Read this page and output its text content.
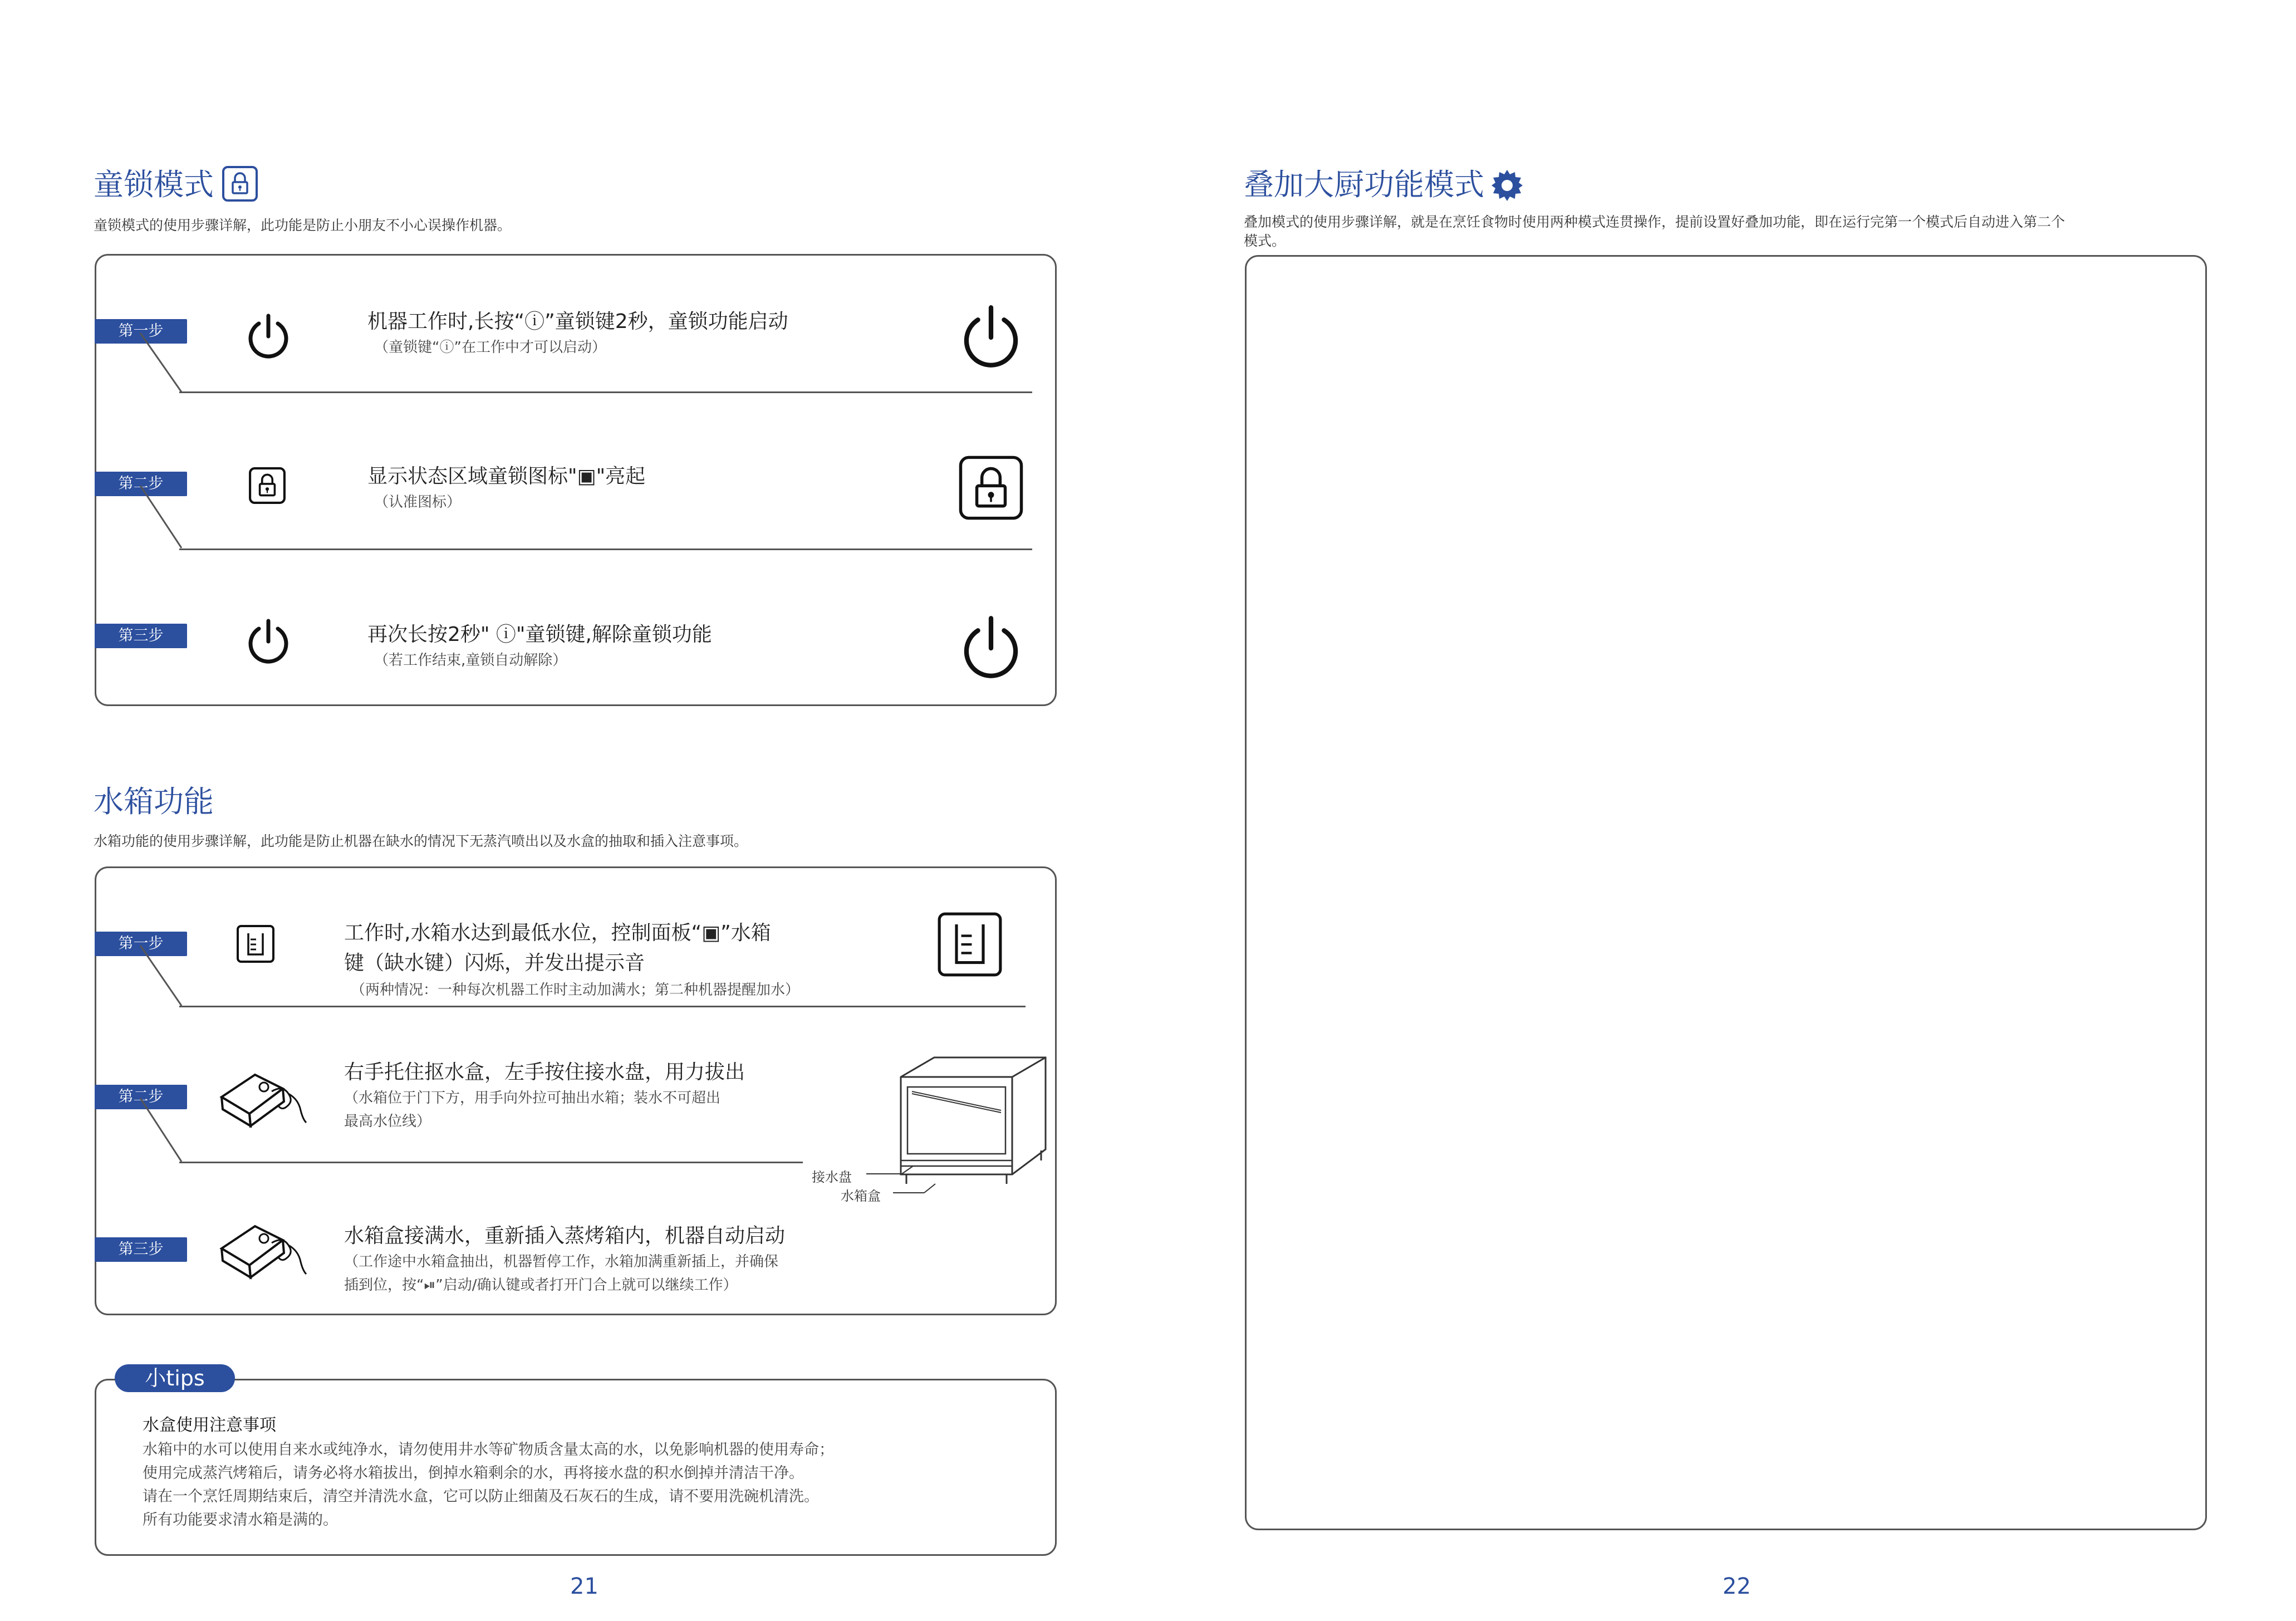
童锁模式
童锁模式的使用步骤详解，此功能是防止小朋友不小心误操作机器。
第一步	机器工作时,长按“ⓘ”童锁键2秒，童锁功能启动
（童锁键“ⓘ”在工作中才可以启动）
第二步	显示状态区域童锁图标"▣"亮起
（认准图标）
第三步	再次长按2秒" ⓘ"童锁键,解除童锁功能
（若工作结束,童锁自动解除）
水箱功能
水箱功能的使用步骤详解，此功能是防止机器在缺水的情况下无蒸汽喷出以及水盒的抽取和插入注意事项。
第一步	工作时,水箱水达到最低水位，控制面板“▣”水箱
键（缺水键）闪烁，并发出提示音
（两种情况：一种每次机器工作时主动加满水；第二种机器提醒加水）
第二步
右手托住抠水盒，左手按住接水盘，用力拔出
（水箱位于门下方，用手向外拉可抽出水箱；装水不可超出
最高水位线）
接水盘
水箱盒
第三步
水箱盒接满水，重新插入蒸烤箱内，机器自动启动
（工作途中水箱盒抽出，机器暂停工作，水箱加满重新插上，并确保
插到位，按“⏯”启动/确认键或者打开门合上就可以继续工作）
小tips
水盒使用注意事项
水箱中的水可以使用自来水或纯净水，请勿使用井水等矿物质含量太高的水，以免影响机器的使用寿命；
使用完成蒸汽烤箱后，请务必将水箱拔出，倒掉水箱剩余的水，再将接水盘的积水倒掉并清洁干净。
请在一个烹饪周期结束后，清空并清洗水盒，它可以防止细菌及石灰石的生成，请不要用洗碗机清洗。
所有功能要求清水箱是满的。
21
叠加大厨功能模式
叠加模式的使用步骤详解，就是在烹饪食物时使用两种模式连贯操作，提前设置好叠加功能，即在运行完第一个模式后自动进入第二个
模式。
22
